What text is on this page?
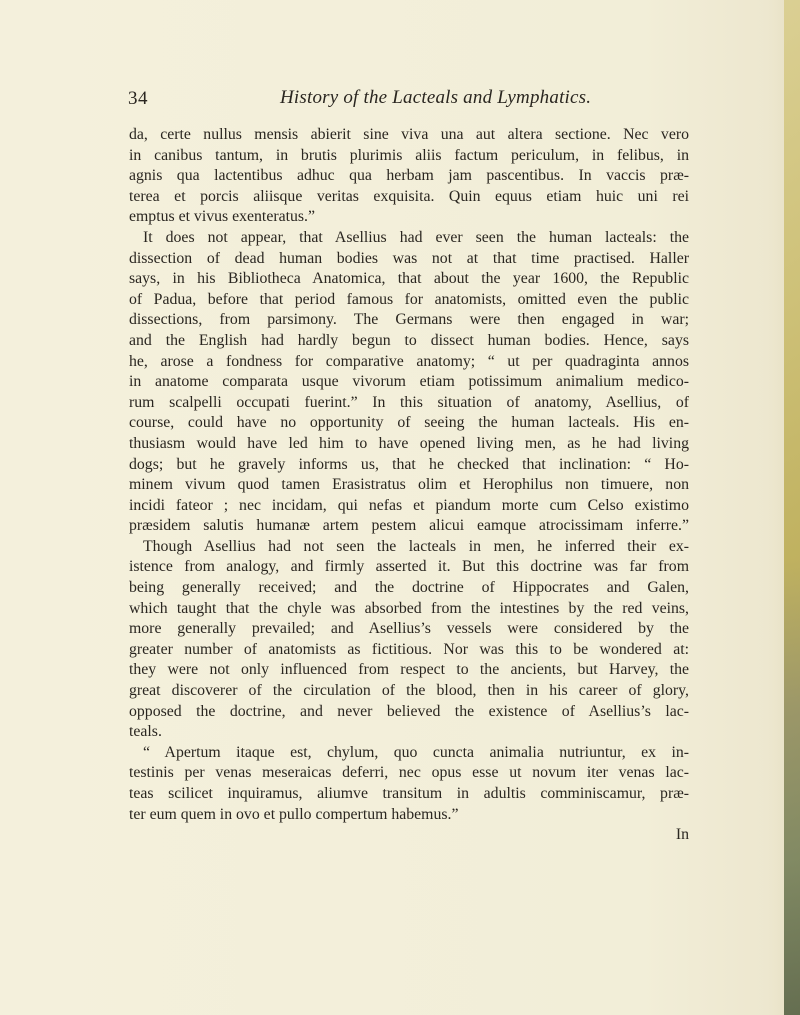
34	History of the Lacteals and Lymphatics.
da, certe nullus mensis abierit sine viva una aut altera sectione. Nec vero
in canibus tantum, in brutis plurimis aliis factum periculum, in felibus, in
agnis qua lactentibus adhuc qua herbam jam pascentibus. In vaccis præ-
terea et porcis aliisque veritas exquisita. Quin equus etiam huic uni rei
emptus et vivus exenteratus.”
It does not appear, that Asellius had ever seen the human lacteals: the
dissection of dead human bodies was not at that time practised. Haller
says, in his Bibliotheca Anatomica, that about the year 1600, the Republic
of Padua, before that period famous for anatomists, omitted even the public
dissections, from parsimony. The Germans were then engaged in war;
and the English had hardly begun to dissect human bodies. Hence, says
he, arose a fondness for comparative anatomy; “ ut per quadraginta annos
in anatome comparata usque vivorum etiam potissimum animalium medico-
rum scalpelli occupati fuerint.” In this situation of anatomy, Asellius, of
course, could have no opportunity of seeing the human lacteals. His en-
thusiasm would have led him to have opened living men, as he had living
dogs; but he gravely informs us, that he checked that inclination: “ Ho-
minem vivum quod tamen Erasistratus olim et Herophilus non timuere, non
incidi fateor ; nec incidam, qui nefas et piandum morte cum Celso existimo
præsidem salutis humanæ artem pestem alicui eamque atrocissimam inferre.”
Though Asellius had not seen the lacteals in men, he inferred their ex-
istence from analogy, and firmly asserted it. But this doctrine was far from
being generally received; and the doctrine of Hippocrates and Galen,
which taught that the chyle was absorbed from the intestines by the red veins,
more generally prevailed; and Asellius’s vessels were considered by the
greater number of anatomists as fictitious. Nor was this to be wondered at:
they were not only influenced from respect to the ancients, but Harvey, the
great discoverer of the circulation of the blood, then in his career of glory,
opposed the doctrine, and never believed the existence of Asellius’s lac-
teals.
“ Apertum itaque est, chylum, quo cuncta animalia nutriuntur, ex in-
testinis per venas meseraicas deferri, nec opus esse ut novum iter venas lac-
teas scilicet inquiramus, aliumve transitum in adultis comminiscamur, præ-
ter eum quem in ovo et pullo compertum habemus.”
In
